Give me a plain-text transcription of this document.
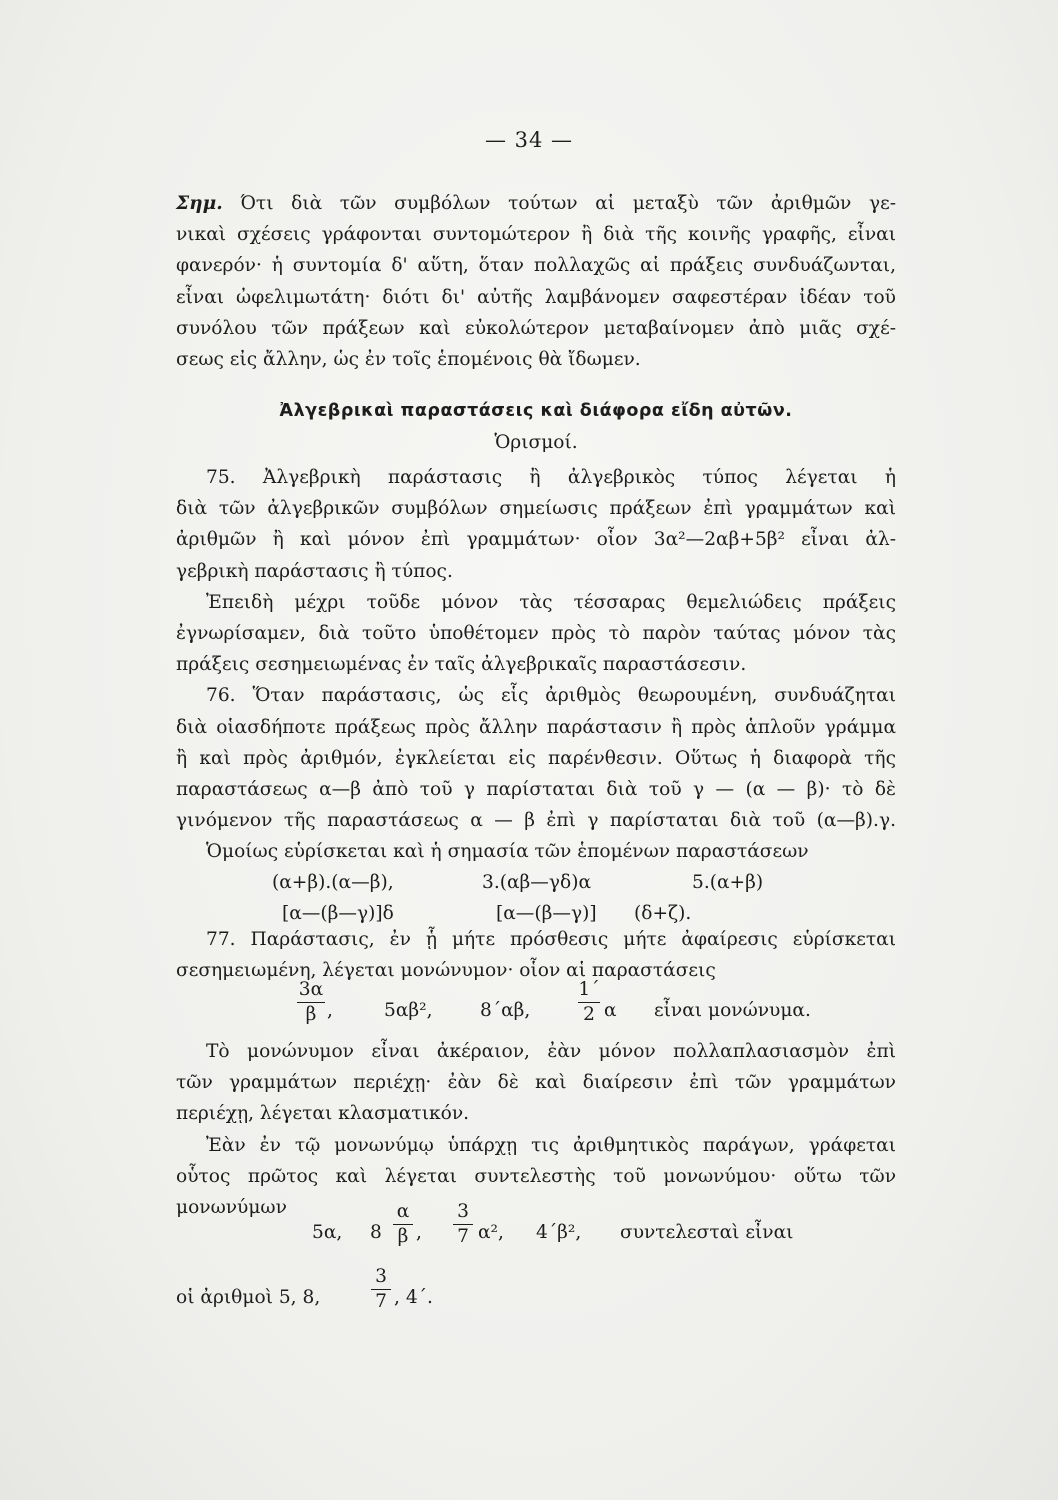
— 34 —
Σημ. Ότι διὰ τῶν συμβόλων τούτων αἱ μεταξὺ τῶν ἀριθμῶν γε-
νικαὶ σχέσεις γράφονται συντομώτερον ἢ διὰ τῆς κοινῆς γραφῆς, εἶναι
φανερόν· ἡ συντομία δ' αὕτη, ὅταν πολλαχῶς αἱ πράξεις συνδυάζωνται,
εἶναι ὠφελιμωτάτη· διότι δι' αὐτῆς λαμβάνομεν σαφεστέραν ἰδέαν τοῦ
συνόλου τῶν πράξεων καὶ εὐκολώτερον μεταβαίνομεν ἀπὸ μιᾶς σχέ-
σεως εἰς ἄλλην, ὡς ἐν τοῖς ἑπομένοις θὰ ἴδωμεν.
Ἀλγεβρικαὶ παραστάσεις καὶ διάφορα εἴδη αὐτῶν.
Ὁρισμοί.
75. Ἀλγεβρικὴ παράστασις ἢ ἀλγεβρικὸς τύπος λέγεται ἡ
διὰ τῶν ἀλγεβρικῶν συμβόλων σημείωσις πράξεων ἐπὶ γραμμάτων καὶ
ἀριθμῶν ἢ καὶ μόνον ἐπὶ γραμμάτων· οἷον 3α²—2αβ+5β² εἶναι ἀλ-
γεβρικὴ παράστασις ἢ τύπος.
Ἐπειδὴ μέχρι τοῦδε μόνον τὰς τέσσαρας θεμελιώδεις πράξεις
ἐγνωρίσαμεν, διὰ τοῦτο ὑποθέτομεν πρὸς τὸ παρὸν ταύτας μόνον τὰς
πράξεις σεσημειωμένας ἐν ταῖς ἀλγεβρικαῖς παραστάσεσιν.
76. Ὅταν παράστασις, ὡς εἷς ἀριθμὸς θεωρουμένη, συνδυάζηται
διὰ οἱασδήποτε πράξεως πρὸς ἄλλην παράστασιν ἢ πρὸς ἁπλοῦν γράμμα
ἢ καὶ πρὸς ἀριθμόν, ἐγκλείεται εἰς παρένθεσιν. Οὕτως ἡ διαφορὰ τῆς
παραστάσεως α—β ἀπὸ τοῦ γ παρίσταται διὰ τοῦ γ — (α — β)· τὸ δὲ
γινόμενον τῆς παραστάσεως α — β ἐπὶ γ παρίσταται διὰ τοῦ (α—β).γ.
Ὁμοίως εὑρίσκεται καὶ ἡ σημασία τῶν ἑπομένων παραστάσεων
(α+β).(α—β),	3.(αβ—γδ)α	5.(α+β)
[α—(β—γ)]δ	[α—(β—γ)] (δ+ζ).
77. Παράστασις, ἐν ᾗ μήτε πρόσθεσις μήτε ἀφαίρεσις εὑρίσκεται
σεσημειωμένη, λέγεται μονώνυμον· οἷον αἱ παραστάσεις
3α
β ,	5αβ²,	8΄αβ,
1΄
2 α εἶναι μονώνυμα.
Τὸ μονώνυμον εἶναι ἀκέραιον, ἐὰν μόνον πολλαπλασιασμὸν ἐπὶ
τῶν γραμμάτων περιέχῃ· ἐὰν δὲ καὶ διαίρεσιν ἐπὶ τῶν γραμμάτων
περιέχῃ, λέγεται κλασματικόν.
Ἐὰν ἐν τῷ μονωνύμῳ ὑπάρχῃ τις ἀριθμητικὸς παράγων, γράφεται
οὗτος πρῶτος καὶ λέγεται συντελεστὴς τοῦ μονωνύμου· οὕτω τῶν
μονωνύμων
5α, 8
α
β ,
3
7 α², 4΄β², συντελεσταὶ εἶναι
οἱ ἀριθμοὶ 5, 8,
3
7 , 4΄.
